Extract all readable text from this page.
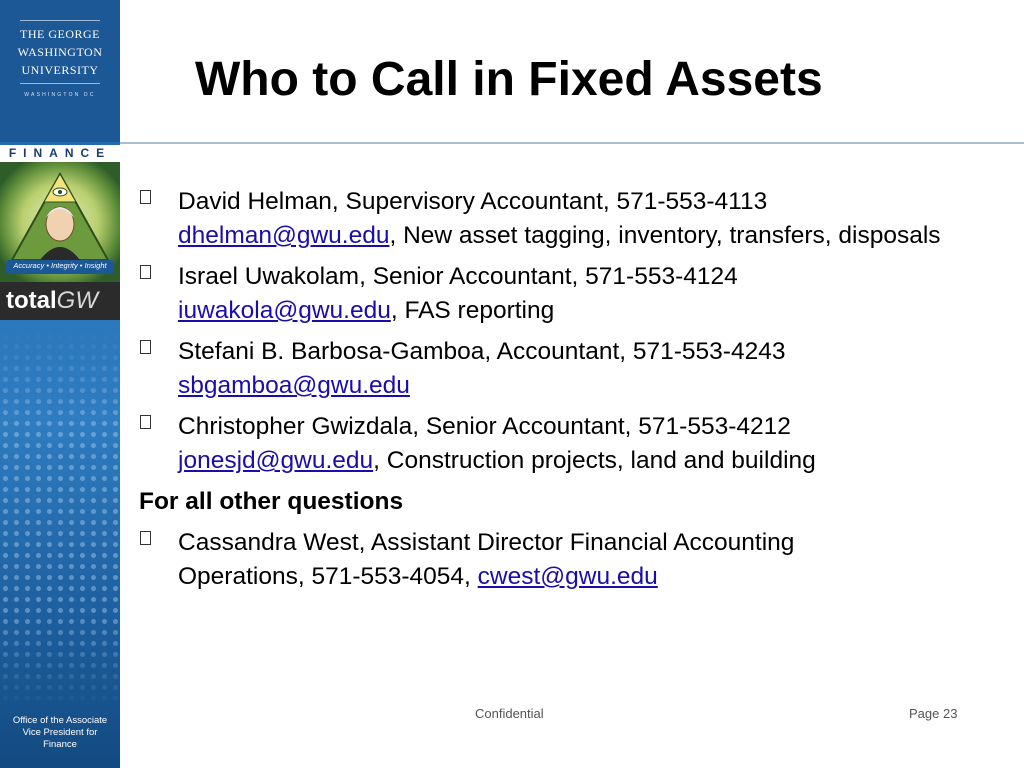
THE GEORGE
WASHINGTON
UNIVERSITY
WASHINGTON DC
FINANCE
Accuracy • Integrity • Insight
totalGW
Office of the Associate
Vice President for
Finance
Who to Call in Fixed Assets
David Helman, Supervisory Accountant, 571-553-4113
dhelman@gwu.edu, New asset tagging, inventory, transfers, disposals
Israel Uwakolam, Senior Accountant, 571-553-4124
iuwakola@gwu.edu, FAS reporting
Stefani B. Barbosa-Gamboa, Accountant, 571-553-4243
sbgamboa@gwu.edu
Christopher Gwizdala, Senior Accountant, 571-553-4212
jonesjd@gwu.edu, Construction projects, land and building
For all other questions
Cassandra West, Assistant Director Financial Accounting
Operations, 571-553-4054, cwest@gwu.edu
Confidential	Page 23
